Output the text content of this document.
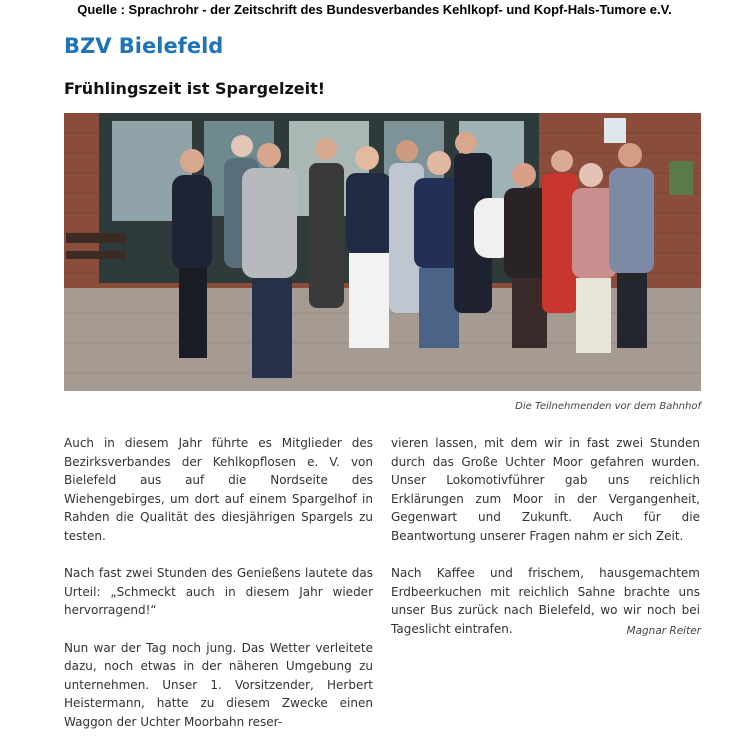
Quelle : Sprachrohr - der Zeitschrift des Bundesverbandes Kehlkopf- und Kopf-Hals-Tumore e.V.
BZV Bielefeld
Frühlingszeit ist Spargelzeit!
Die Teilnehmenden vor dem Bahnhof

Auch in diesem Jahr führte es Mitglieder des Bezirksverbandes der Kehlkopflosen e. V. von Bielefeld aus auf die Nordseite des Wiehengebirges, um dort auf einem Spargelhof in Rahden die Qualität des diesjährigen Spargels zu testen.

Nach fast zwei Stunden des Genießens lautete das Urteil: „Schmeckt auch in diesem Jahr wieder hervorragend!“

Nun war der Tag noch jung. Das Wetter verleitete dazu, noch etwas in der näheren Umgebung zu unternehmen. Unser 1. Vorsitzender, Herbert Heistermann, hatte zu diesem Zwecke einen Waggon der Uchter Moorbahn reser-

vieren lassen, mit dem wir in fast zwei Stunden durch das Große Uchter Moor gefahren wurden. Unser Lokomotivführer gab uns reichlich Erklärungen zum Moor in der Vergangenheit, Gegenwart und Zukunft. Auch für die Beantwortung unserer Fragen nahm er sich Zeit.

Nach Kaffee und frischem, hausgemachtem Erdbeerkuchen mit reichlich Sahne brachte uns unser Bus zurück nach Bielefeld, wo wir noch bei Tageslicht eintrafen.	Magnar Reiter
